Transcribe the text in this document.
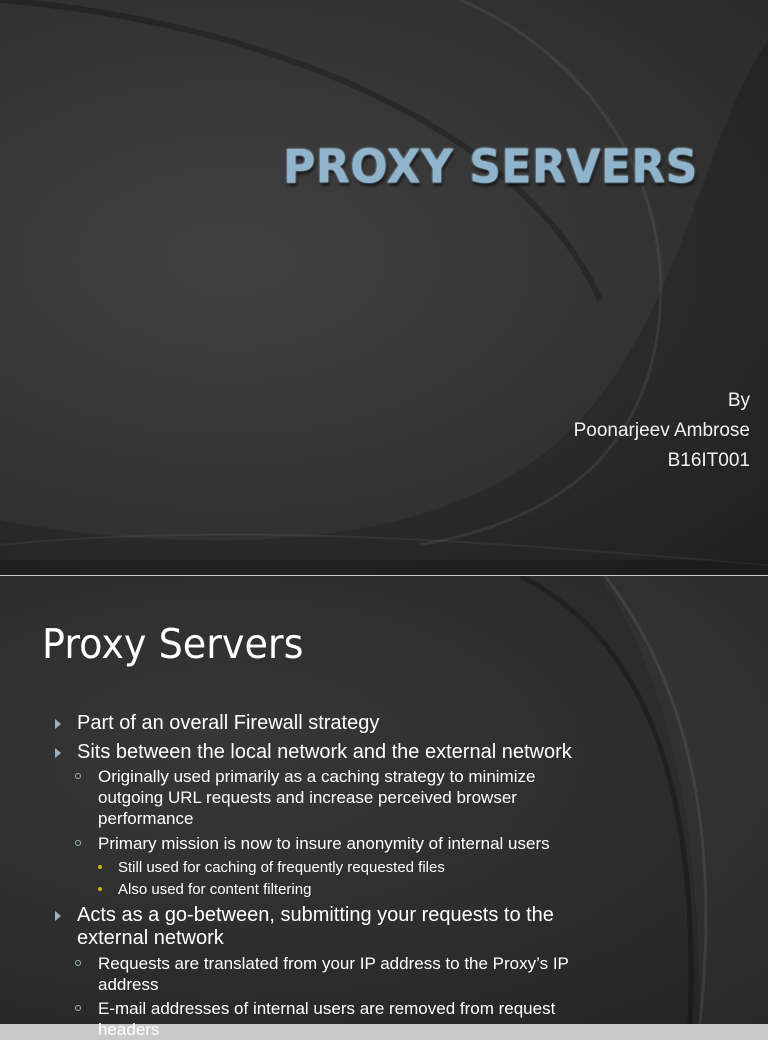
PROXY SERVERS
By
Poonarjeev Ambrose
B16IT001
Proxy Servers
Part of an overall Firewall strategy
Sits between the local network and the external network
Originally used primarily as a caching strategy to minimize
outgoing URL requests and increase perceived browser
performance
Primary mission is now to insure anonymity of internal users
Still used for caching of frequently requested files
Also used for content filtering
Acts as a go-between, submitting your requests to the
external network
Requests are translated from your IP address to the Proxy’s IP
address
E-mail addresses of internal users are removed from request
headers
